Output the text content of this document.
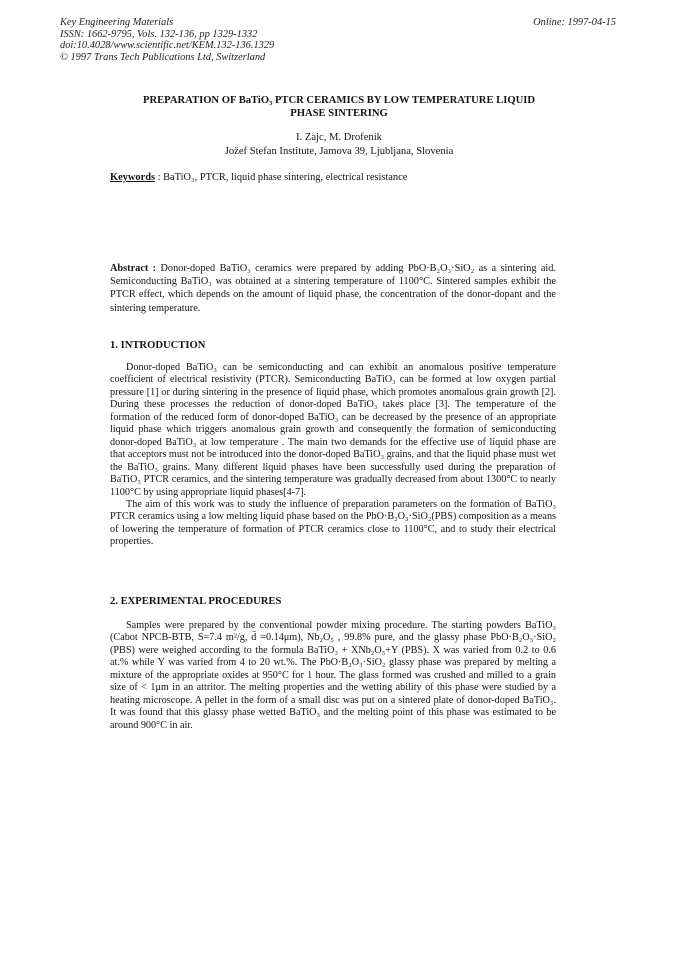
Key Engineering Materials
ISSN: 1662-9795, Vols. 132-136, pp 1329-1332
doi:10.4028/www.scientific.net/KEM.132-136.1329
© 1997 Trans Tech Publications Ltd, Switzerland
Online: 1997-04-15
PREPARATION OF BaTiO₃ PTCR CERAMICS BY LOW TEMPERATURE LIQUID
PHASE SINTERING
I. Zajc, M. Drofenik
Jožef Stefan Institute, Jamova 39, Ljubljana, Slovenia
Keywords : BaTiO₃, PTCR, liquid phase sintering, electrical resistance
Abstract : Donor-doped BaTiO₃ ceramics were prepared by adding PbO·B₂O₃·SiO₂ as a sintering aid. Semiconducting BaTiO₃ was obtained at a sintering temperature of 1100°C. Sintered samples exhibit the PTCR effect, which depends on the amount of liquid phase, the concentration of the donor-dopant and the sintering temperature.
1. INTRODUCTION

Donor-doped BaTiO₃ can be semiconducting and can exhibit an anomalous positive temperature coefficient of electrical resistivity (PTCR). Semiconducting BaTiO₃ can be formed at low oxygen partial pressure [1] or during sintering in the presence of liquid phase, which promotes anomalous grain growth [2]. During these processes the reduction of donor-doped BaTiO₃ takes place [3]. The temperature of the formation of the reduced form of donor-doped BaTiO₃ can be decreased by the presence of an appropriate liquid phase which triggers anomalous grain growth and consequently the formation of semiconducting donor-doped BaTiO₃ at low temperature . The main two demands for the effective use of liquid phase are that acceptors must not be introduced into the donor-doped BaTiO₃ grains, and that the liquid phase must wet the BaTiO₃ grains. Many different liquid phases have been successfully used during the preparation of BaTiO₃ PTCR ceramics, and the sintering temperature was gradually decreased from about 1300°C to nearly 1100°C by using appropriate liquid phases[4-7].

The aim of this work was to study the influence of preparation parameters on the formation of BaTiO₃ PTCR ceramics using a low melting liquid phase based on the PbO·B₂O₃·SiO₂(PBS) composition as a means of lowering the temperature of formation of PTCR ceramics close to 1100°C, and to study their electrical properties.

2. EXPERIMENTAL PROCEDURES

Samples were prepared by the conventional powder mixing procedure. The starting powders BaTiO₃ (Cabot NPCB-BTB, S=7.4 m²/g, d̄ =0.14μm), Nb₂O₅ , 99.8% pure, and the glassy phase PbO·B₂O₃·SiO₂ (PBS) were weighed according to the formula BaTiO₃ + XNb₂O₅+Y (PBS). X was varied from 0.2 to 0.6 at.% while Y was varied from 4 to 20 wt.%. The PbO·B₂O₃·SiO₂ glassy phase was prepared by melting a mixture of the appropriate oxides at 950°C for 1 hour. The glass formed was crushed and milled to a grain size of < 1μm in an attritor. The melting properties and the wetting ability of this phase were studied by a heating microscope. A pellet in the form of a small disc was put on a sintered plate of donor-doped BaTiO₃. It was found that this glassy phase wetted BaTiO₃ and the melting point of this phase was estimated to be around 900°C in air.
